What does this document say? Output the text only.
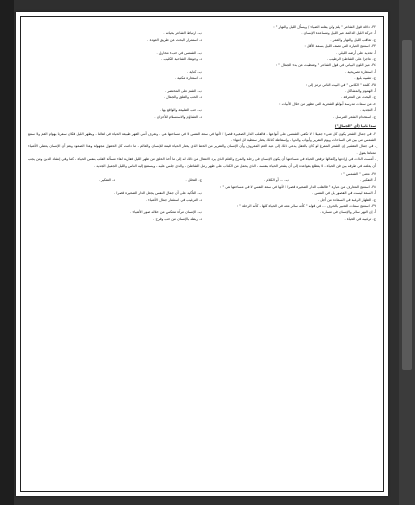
٣٢- دلالة قول الشاعر " يلم ولن يفلته الضياء / ويسأل الليل والنهار " :
أ- حركة الليل الدائمة عبر الليل ومساعدة الإنسان .
ب- ارتباط الشاعر بحياته .
ج- تعاقب الليل والنهار والعمر .
د- استمرار البحث عن طريق العودة .
٣٣- استنتج العبارة التي تصف الليل بسمة الأقل :
أ- تحديد على أرضه الليلي .
ب- الشمس في خبء مخارق .
ج- عاجزا على الشاطئ الرطيب .
د- وجوهك الشاحبة الكئيب .
٣٤- ميز اللون البياني في قول الشاعر " وشطبت عن بدء الجمال " :
أ- استعارة تصريحية .
ب- كناية .
ج- تشبيه بليغ .
د- استعارة مكنية .
٣٥- كلمة " الكاس " في البيت الثاني ترمز إلى :
أ- الهموم والمشاكل .
ب- الشم على المختصر .
ج- البحث عن المعرفة .
د- الحب والقلق والجمال .
خـ من سمات مدرسة أبوللو الشعرية التي تظهر من خلال الأبيات :
أ- التجديد .
ب- حب الطبيعة والواقع بها .
ج- استخدام الشعر المرسل .
د- التشاؤم والاستسلام للأحزان .
سدا ثانيا (أي "الجمال")
٢- في جمال الشعر يكون كل شيء جميلا ؛ لا تكفي الشمس على أنواعها ، فالقلب الدار الصغيرة قصرا ؛ لأنها في سعة النفس لا في مساحتها هي . وتعرف أنني القهر طبيعة الحياة في لقائنا ، ويظهر الليل فكان سفرنا بهوام الغم ولا سمع الشمس مي بين في الساحات ويوم التقرير وأبواب والدوا ، وإسقاطة كذلك يختار ستطية لل انتهاء .
ٕ- في جمال التقشير إن الشعر المفرغ لو كان بالعقل يدعي ذلك إلى عيد الغم المعروف وأن الإنسان والتقرير من الخط الذي يختار الحياة قيمة للإنسان والعالم ، ما دامت كل الحقول مجهولة وهذا الصعود وهم أن الإنسان يعطي الأشياء معناها بقول .
ٖ- أمست الذات في إرادتها وإكمالها ترفض الحياة في مساحتها أن يكون الإنسان في رحلة والمرح والعلم الذي يرد الانتقال من ذلك له إلى ما أخذ الخلق من ظهر الليل فقاربة لقاء مسألة القلب بنفس الحياة ، كما وفي إنشاد الدين ومن يجب أن يعلمه في طرفه بين فن الحياة ، لا يتطلع بقواعده إلى أن يشعر الحياة بنفسه ، الذي يحمل من الكتاب على ظهر رمل الشاطئ ، والدي جلس عليه ، ويستمع إليه الناس والليل الجميل الجديد .
٣٧- معنى " الشمس " :
أ- التفكير .
ب- ... أو الكلام .
ج- التحلل .
د- التفكير .
٣٨- استنتج المعارف من عبارة " فالقلب الدار الصغيرة قصرا ؛ لأنها في سعة النفس لا في مساحتها هي " :
أ- السعة ليست في القصور بل في النفس .
ب- التأكيد على أن جمال النفس يجعل الدار الصغيرة قصرا .
ج- الظهار الرغبة في السعادة من أجل .
د- الترغيب في استثمار جمال الأشياء .
٣٩- استنتج سمات التعبير بالحرف ... في قوله " كأنه سائر معه في الحياة كلها ، كأنه الرحلة " :
أ- إن النهر سائر والإنسان في مساره .
ب- الإنسان مرآة تنعكس من خلاله صور الأشياء .
ج- ترغيبه في الحياة .
د- ربطه بالإنسان من حب وفرح .
